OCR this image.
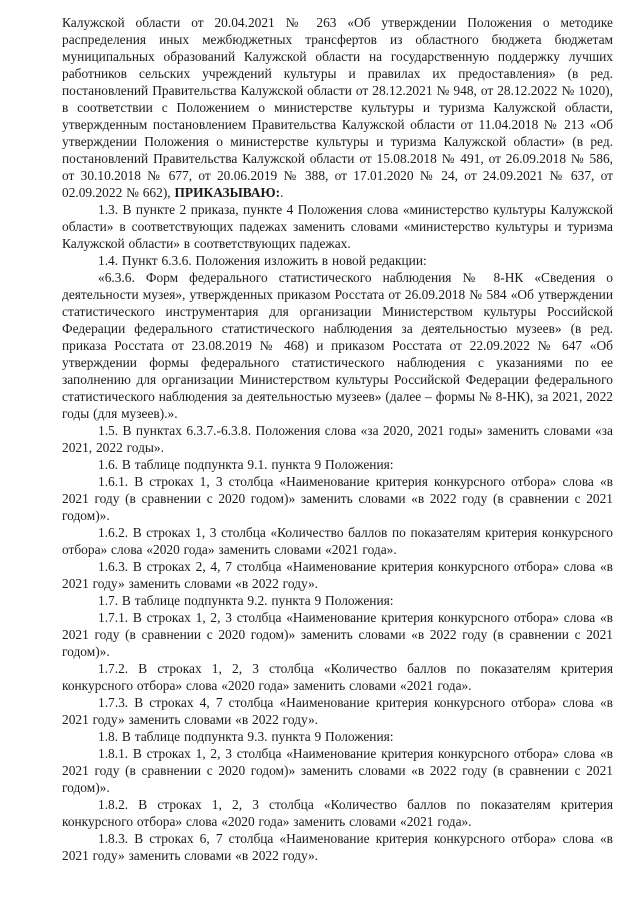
Калужской области от 20.04.2021 № 263 «Об утверждении Положения о методике распределения иных межбюджетных трансфертов из областного бюджета бюджетам муниципальных образований Калужской области на государственную поддержку лучших работников сельских учреждений культуры и правилах их предоставления» (в ред. постановлений Правительства Калужской области от 28.12.2021 № 948, от 28.12.2022 № 1020), в соответствии с Положением о министерстве культуры и туризма Калужской области, утвержденным постановлением Правительства Калужской области от 11.04.2018 № 213 «Об утверждении Положения о министерстве культуры и туризма Калужской области» (в ред. постановлений Правительства Калужской области от 15.08.2018 № 491, от 26.09.2018 № 586, от 30.10.2018 № 677, от 20.06.2019 № 388, от 17.01.2020 № 24, от 24.09.2021 № 637, от 02.09.2022 № 662), ПРИКАЗЫВАЮ:.

1.3. В пункте 2 приказа, пункте 4 Положения слова «министерство культуры Калужской области» в соответствующих падежах заменить словами «министерство культуры и туризма Калужской области» в соответствующих падежах.

1.4. Пункт 6.3.6. Положения изложить в новой редакции:

«6.3.6. Форм федерального статистического наблюдения № 8-НК «Сведения о деятельности музея», утвержденных приказом Росстата от 26.09.2018 № 584 «Об утверждении статистического инструментария для организации Министерством культуры Российской Федерации федерального статистического наблюдения за деятельностью музеев» (в ред. приказа Росстата от 23.08.2019 № 468) и приказом Росстата от 22.09.2022 № 647 «Об утверждении формы федерального статистического наблюдения с указаниями по ее заполнению для организации Министерством культуры Российской Федерации федерального статистического наблюдения за деятельностью музеев» (далее – формы № 8-НК), за 2021, 2022 годы (для музеев).».

1.5. В пунктах 6.3.7.-6.3.8. Положения слова «за 2020, 2021 годы» заменить словами «за 2021, 2022 годы».

1.6. В таблице подпункта 9.1. пункта 9 Положения:

1.6.1. В строках 1, 3 столбца «Наименование критерия конкурсного отбора» слова «в 2021 году (в сравнении с 2020 годом)» заменить словами «в 2022 году (в сравнении с 2021 годом)».

1.6.2. В строках 1, 3 столбца «Количество баллов по показателям критерия конкурсного отбора» слова «2020 года» заменить словами «2021 года».

1.6.3. В строках 2, 4, 7 столбца «Наименование критерия конкурсного отбора» слова «в 2021 году» заменить словами «в 2022 году».

1.7. В таблице подпункта 9.2. пункта 9 Положения:

1.7.1. В строках 1, 2, 3 столбца «Наименование критерия конкурсного отбора» слова «в 2021 году (в сравнении с 2020 годом)» заменить словами «в 2022 году (в сравнении с 2021 годом)».

1.7.2. В строках 1, 2, 3 столбца «Количество баллов по показателям критерия конкурсного отбора» слова «2020 года» заменить словами «2021 года».

1.7.3. В строках 4, 7 столбца «Наименование критерия конкурсного отбора» слова «в 2021 году» заменить словами «в 2022 году».

1.8. В таблице подпункта 9.3. пункта 9 Положения:

1.8.1. В строках 1, 2, 3 столбца «Наименование критерия конкурсного отбора» слова «в 2021 году (в сравнении с 2020 годом)» заменить словами «в 2022 году (в сравнении с 2021 годом)».

1.8.2. В строках 1, 2, 3 столбца «Количество баллов по показателям критерия конкурсного отбора» слова «2020 года» заменить словами «2021 года».

1.8.3. В строках 6, 7 столбца «Наименование критерия конкурсного отбора» слова «в 2021 году» заменить словами «в 2022 году».
